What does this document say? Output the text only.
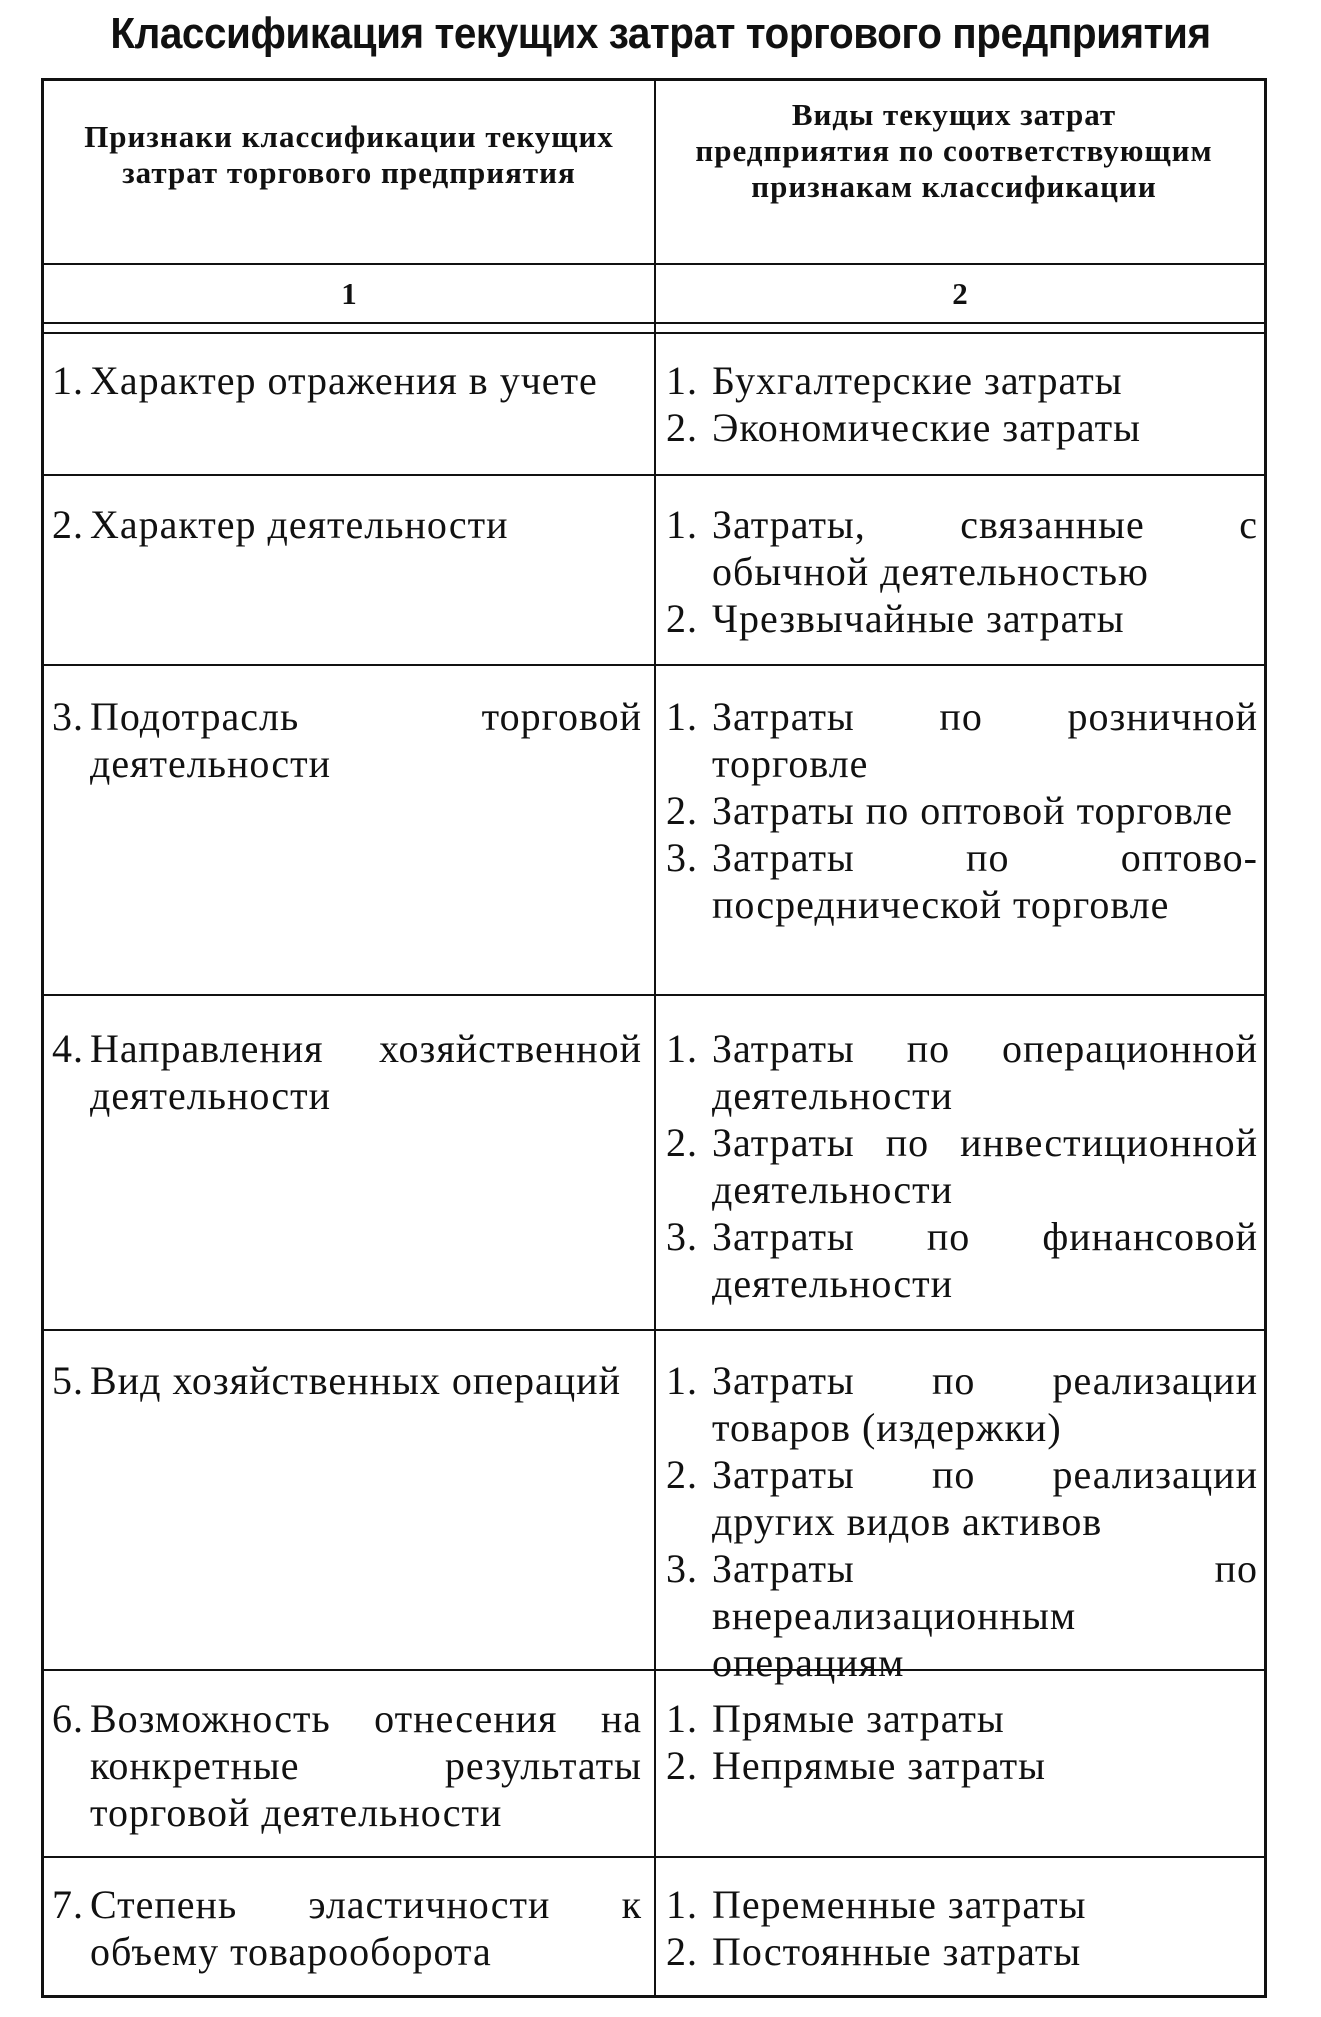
Классификация текущих затрат торгового предприятия
Признаки классификации текущих затрат торгового предприятия
Виды текущих затрат предприятия по соответствующим признакам классификации
1	2
1. Характер отражения в учете 1. Бухгалтерские затраты
2. Экономические затраты
2. Характер деятельности	1. Затраты, связанные с обычной деятельностью
2. Чрезвычайные затраты
3. Подотрасль торговой деятельности
1. Затраты по розничной торговле
2. Затраты по оптовой торговле
3. Затраты по оптово-посреднической торговле
4. Направления хозяйственной деятельности
1. Затраты по операционной деятельности
2. Затраты по инвестиционной деятельности
3. Затраты по финансовой деятельности
5. Вид хозяйственных операций 1. Затраты по реализации товаров (издержки)
2. Затраты по реализации других видов активов
3. Затраты по внереализационным операциям
6. Возможность отнесения на конкретные результаты торговой деятельности
1. Прямые затраты
2. Непрямые затраты
7. Степень эластичности к объему товарооборота
1. Переменные затраты
2. Постоянные затраты
